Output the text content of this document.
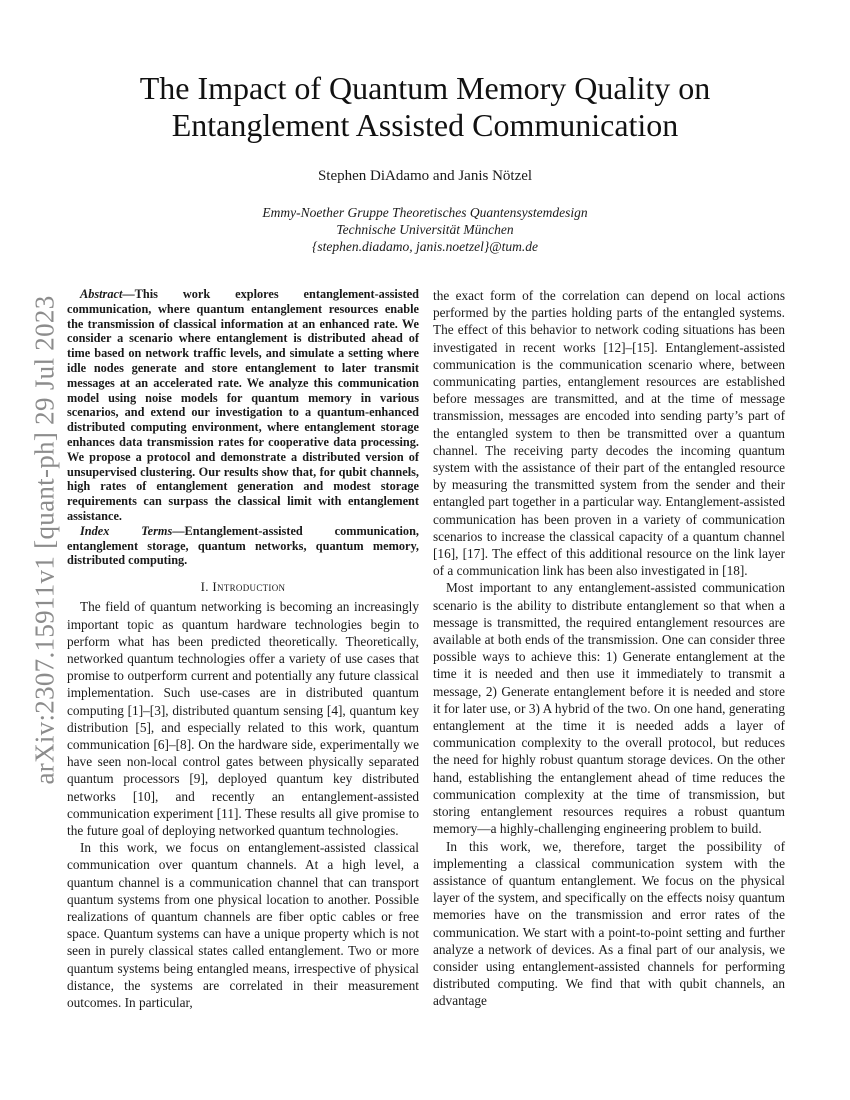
arXiv:2307.15911v1 [quant-ph] 29 Jul 2023
The Impact of Quantum Memory Quality on
Entanglement Assisted Communication
Stephen DiAdamo and Janis Nötzel
Emmy-Noether Gruppe Theoretisches Quantensystemdesign
Technische Universität München
{stephen.diadamo, janis.noetzel}@tum.de

Abstract—This work explores entanglement-assisted communication, where quantum entanglement resources enable the transmission of classical information at an enhanced rate. We consider a scenario where entanglement is distributed ahead of time based on network traffic levels, and simulate a setting where idle nodes generate and store entanglement to later transmit messages at an accelerated rate. We analyze this communication model using noise models for quantum memory in various scenarios, and extend our investigation to a quantum-enhanced distributed computing environment, where entanglement storage enhances data transmission rates for cooperative data processing. We propose a protocol and demonstrate a distributed version of unsupervised clustering. Our results show that, for qubit channels, high rates of entanglement generation and modest storage requirements can surpass the classical limit with entanglement assistance.

Index Terms—Entanglement-assisted communication, entanglement storage, quantum networks, quantum memory, distributed computing.

I. Introduction

The field of quantum networking is becoming an increasingly important topic as quantum hardware technologies begin to perform what has been predicted theoretically. Theoretically, networked quantum technologies offer a variety of use cases that promise to outperform current and potentially any future classical implementation. Such use-cases are in distributed quantum computing [1]–[3], distributed quantum sensing [4], quantum key distribution [5], and especially related to this work, quantum communication [6]–[8]. On the hardware side, experimentally we have seen non-local control gates between physically separated quantum processors [9], deployed quantum key distributed networks [10], and recently an entanglement-assisted communication experiment [11]. These results all give promise to the future goal of deploying networked quantum technologies.

In this work, we focus on entanglement-assisted classical communication over quantum channels. At a high level, a quantum channel is a communication channel that can transport quantum systems from one physical location to another. Possible realizations of quantum channels are fiber optic cables or free space. Quantum systems can have a unique property which is not seen in purely classical states called entanglement. Two or more quantum systems being entangled means, irrespective of physical distance, the systems are correlated in their measurement outcomes. In particular,

the exact form of the correlation can depend on local actions performed by the parties holding parts of the entangled systems. The effect of this behavior to network coding situations has been investigated in recent works [12]–[15]. Entanglement-assisted communication is the communication scenario where, between communicating parties, entanglement resources are established before messages are transmitted, and at the time of message transmission, messages are encoded into sending party’s part of the entangled system to then be transmitted over a quantum channel. The receiving party decodes the incoming quantum system with the assistance of their part of the entangled resource by measuring the transmitted system from the sender and their entangled part together in a particular way. Entanglement-assisted communication has been proven in a variety of communication scenarios to increase the classical capacity of a quantum channel [16], [17]. The effect of this additional resource on the link layer of a communication link has been also investigated in [18].

Most important to any entanglement-assisted communication scenario is the ability to distribute entanglement so that when a message is transmitted, the required entanglement resources are available at both ends of the transmission. One can consider three possible ways to achieve this: 1) Generate entanglement at the time it is needed and then use it immediately to transmit a message, 2) Generate entanglement before it is needed and store it for later use, or 3) A hybrid of the two. On one hand, generating entanglement at the time it is needed adds a layer of communication complexity to the overall protocol, but reduces the need for highly robust quantum storage devices. On the other hand, establishing the entanglement ahead of time reduces the communication complexity at the time of transmission, but storing entanglement resources requires a robust quantum memory—a highly-challenging engineering problem to build.

In this work, we, therefore, target the possibility of implementing a classical communication system with the assistance of quantum entanglement. We focus on the physical layer of the system, and specifically on the effects noisy quantum memories have on the transmission and error rates of the communication. We start with a point-to-point setting and further analyze a network of devices. As a final part of our analysis, we consider using entanglement-assisted channels for performing distributed computing. We find that with qubit channels, an advantage
